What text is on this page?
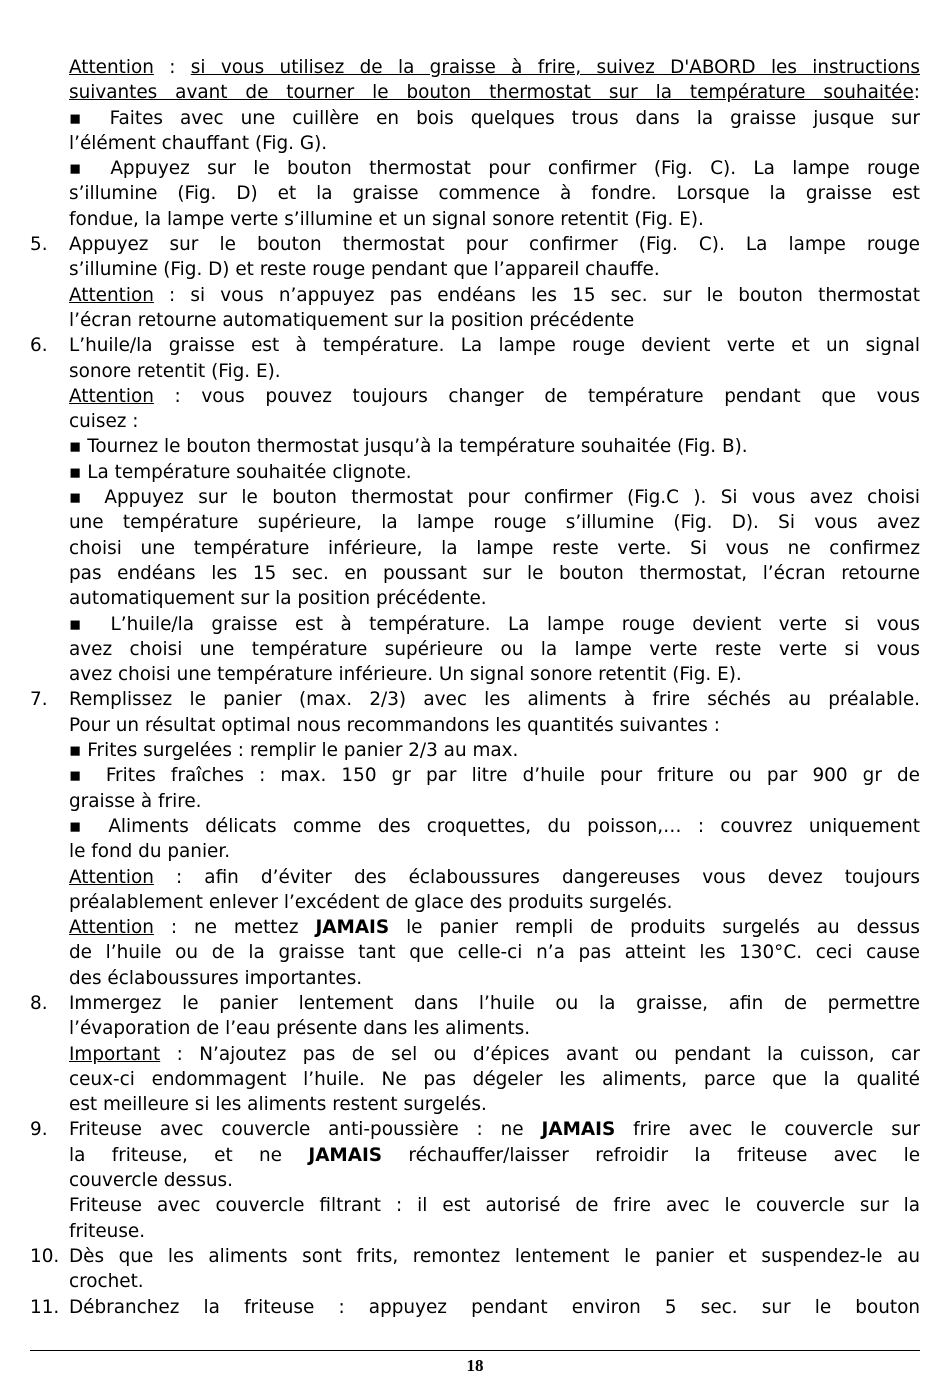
Attention : si vous utilisez de la graisse à frire, suivez D'ABORD les instructions
suivantes avant de tourner le bouton thermostat sur la température souhaitée:
▪ Faites avec une cuillère en bois quelques trous dans la graisse jusque sur
l’élément chauffant (Fig. G).
▪ Appuyez sur le bouton thermostat pour confirmer (Fig. C). La lampe rouge
s’illumine (Fig. D) et la graisse commence à fondre. Lorsque la graisse est
fondue, la lampe verte s’illumine et un signal sonore retentit (Fig. E).
5.	Appuyez sur le bouton thermostat pour confirmer (Fig. C). La lampe rouge
s’illumine (Fig. D) et reste rouge pendant que l’appareil chauffe.
Attention : si vous n’appuyez pas endéans les 15 sec. sur le bouton thermostat
l’écran retourne automatiquement sur la position précédente
6.	L’huile/la graisse est à température. La lampe rouge devient verte et un signal
sonore retentit (Fig. E).
Attention : vous pouvez toujours changer de température pendant que vous
cuisez :
▪ Tournez le bouton thermostat jusqu’à la température souhaitée (Fig. B).
▪ La température souhaitée clignote.
▪ Appuyez sur le bouton thermostat pour confirmer (Fig.C ). Si vous avez choisi
une température supérieure, la lampe rouge s’illumine (Fig. D). Si vous avez
choisi une température inférieure, la lampe reste verte. Si vous ne confirmez
pas endéans les 15 sec. en poussant sur le bouton thermostat, l’écran retourne
automatiquement sur la position précédente.
▪ L’huile/la graisse est à température. La lampe rouge devient verte si vous
avez choisi une température supérieure ou la lampe verte reste verte si vous
avez choisi une température inférieure. Un signal sonore retentit (Fig. E).
7.	Remplissez le panier (max. 2/3) avec les aliments à frire séchés au préalable.
Pour un résultat optimal nous recommandons les quantités suivantes :
▪ Frites surgelées : remplir le panier 2/3 au max.
▪ Frites fraîches : max. 150 gr par litre d’huile pour friture ou par 900 gr de
graisse à frire.
▪ Aliments délicats comme des croquettes, du poisson,… : couvrez uniquement
le fond du panier.
Attention : afin d’éviter des éclaboussures dangereuses vous devez toujours
préalablement enlever l’excédent de glace des produits surgelés.
Attention : ne mettez JAMAIS le panier rempli de produits surgelés au dessus
de l’huile ou de la graisse tant que celle-ci n’a pas atteint les 130°C. ceci cause
des éclaboussures importantes.
8.	Immergez le panier lentement dans l’huile ou la graisse, afin de permettre
l’évaporation de l’eau présente dans les aliments.
Important : N’ajoutez pas de sel ou d’épices avant ou pendant la cuisson, car
ceux-ci endommagent l’huile. Ne pas dégeler les aliments, parce que la qualité
est meilleure si les aliments restent surgelés.
9.	Friteuse avec couvercle anti-poussière : ne JAMAIS frire avec le couvercle sur
la friteuse, et ne JAMAIS réchauffer/laisser refroidir la friteuse avec le
couvercle dessus.
Friteuse avec couvercle filtrant : il est autorisé de frire avec le couvercle sur la
friteuse.
10. Dès que les aliments sont frits, remontez lentement le panier et suspendez-le au
crochet.
11. Débranchez la friteuse : appuyez pendant environ 5 sec. sur le bouton
18
